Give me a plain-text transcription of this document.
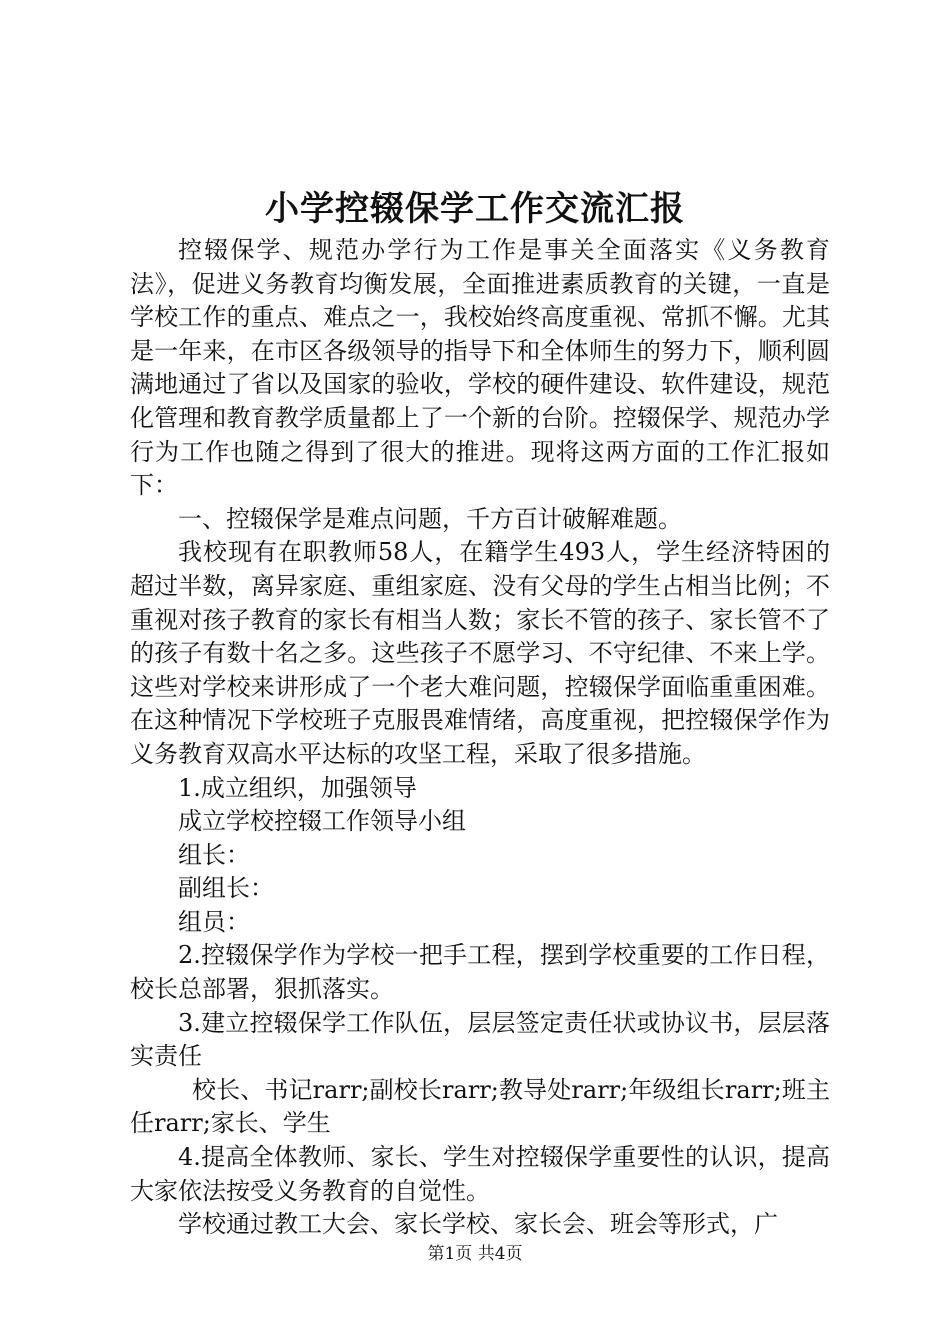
小学控辍保学工作交流汇报

控辍保学、规范办学行为工作是事关全面落实《义务教育法》，促进义务教育均衡发展，全面推进素质教育的关键，一直是学校工作的重点、难点之一，我校始终高度重视、常抓不懈。尤其是一年来，在市区各级领导的指导下和全体师生的努力下，顺利圆满地通过了省以及国家的验收，学校的硬件建设、软件建设，规范化管理和教育教学质量都上了一个新的台阶。控辍保学、规范办学行为工作也随之得到了很大的推进。现将这两方面的工作汇报如下：

一、控辍保学是难点问题，千方百计破解难题。

我校现有在职教师58人，在籍学生493人，学生经济特困的超过半数，离异家庭、重组家庭、没有父母的学生占相当比例；不重视对孩子教育的家长有相当人数；家长不管的孩子、家长管不了的孩子有数十名之多。这些孩子不愿学习、不守纪律、不来上学。这些对学校来讲形成了一个老大难问题，控辍保学面临重重困难。在这种情况下学校班子克服畏难情绪，高度重视，把控辍保学作为义务教育双高水平达标的攻坚工程，采取了很多措施。

1.成立组织，加强领导

成立学校控辍工作领导小组

组长：

副组长：

组员：

2.控辍保学作为学校一把手工程，摆到学校重要的工作日程，校长总部署，狠抓落实。

3.建立控辍保学工作队伍，层层签定责任状或协议书，层层落实责任

校长、书记rarr;副校长rarr;教导处rarr;年级组长rarr;班主任rarr;家长、学生

4.提高全体教师、家长、学生对控辍保学重要性的认识，提高大家依法按受义务教育的自觉性。

学校通过教工大会、家长学校、家长会、班会等形式，广

第1页 共4页
